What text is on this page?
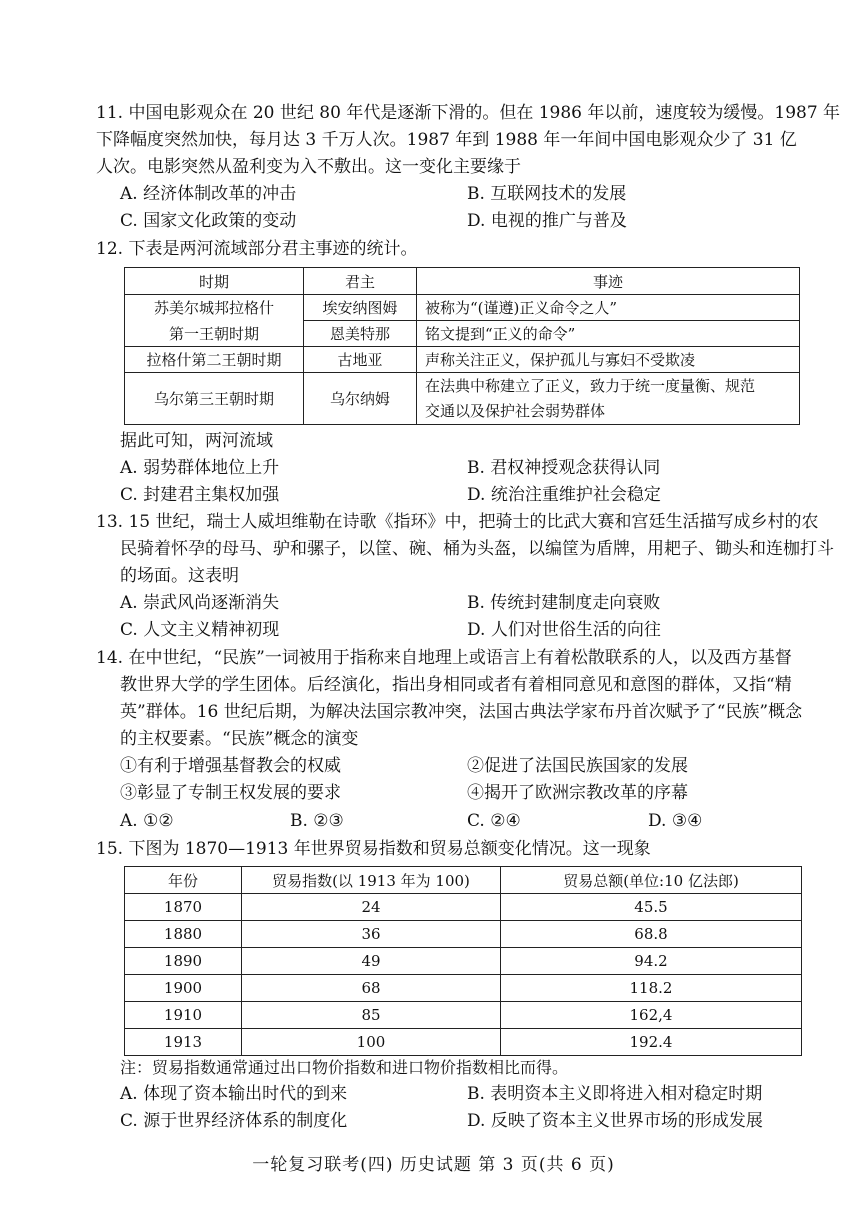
11. 中国电影观众在 20 世纪 80 年代是逐渐下滑的。但在 1986 年以前，速度较为缓慢。1987 年
下降幅度突然加快，每月达 3 千万人次。1987 年到 1988 年一年间中国电影观众少了 31 亿
人次。电影突然从盈利变为入不敷出。这一变化主要缘于
A. 经济体制改革的冲击	B. 互联网技术的发展
C. 国家文化政策的变动	D. 电视的推广与普及
12. 下表是两河流域部分君主事迹的统计。
时期	君主	事迹
苏美尔城邦拉格什	埃安纳图姆	被称为“(谨遵)正义命令之人”
第一王朝时期	恩美特那	铭文提到“正义的命令”
拉格什第二王朝时期	古地亚	声称关注正义，保护孤儿与寡妇不受欺凌
乌尔第三王朝时期	乌尔纳姆	在法典中称建立了正义，致力于统一度量衡、规范
交通以及保护社会弱势群体
据此可知，两河流域
A. 弱势群体地位上升	B. 君权神授观念获得认同
C. 封建君主集权加强	D. 统治注重维护社会稳定
13. 15 世纪，瑞士人威坦维勒在诗歌《指环》中，把骑士的比武大赛和宫廷生活描写成乡村的农
民骑着怀孕的母马、驴和骡子，以筐、碗、桶为头盔，以编筐为盾牌，用耙子、锄头和连枷打斗
的场面。这表明
A. 崇武风尚逐渐消失	B. 传统封建制度走向衰败
C. 人文主义精神初现	D. 人们对世俗生活的向往
14. 在中世纪，“民族”一词被用于指称来自地理上或语言上有着松散联系的人，以及西方基督
教世界大学的学生团体。后经演化，指出身相同或者有着相同意见和意图的群体，又指“精
英”群体。16 世纪后期，为解决法国宗教冲突，法国古典法学家布丹首次赋予了“民族”概念
的主权要素。“民族”概念的演变
①有利于增强基督教会的权威	②促进了法国民族国家的发展
③彰显了专制王权发展的要求	④揭开了欧洲宗教改革的序幕
A. ①②	B. ②③	C. ②④	D. ③④
15. 下图为 1870—1913 年世界贸易指数和贸易总额变化情况。这一现象
年份	贸易指数(以 1913 年为 100)	贸易总额(单位:10 亿法郎)
1870	24	45.5
1880	36	68.8
1890	49	94.2
1900	68	118.2
1910	85	162,4
1913	100	192.4
注：贸易指数通常通过出口物价指数和进口物价指数相比而得。
A. 体现了资本输出时代的到来	B. 表明资本主义即将进入相对稳定时期
C. 源于世界经济体系的制度化	D. 反映了资本主义世界市场的形成发展
一轮复习联考(四) 历史试题 第 3 页(共 6 页)
